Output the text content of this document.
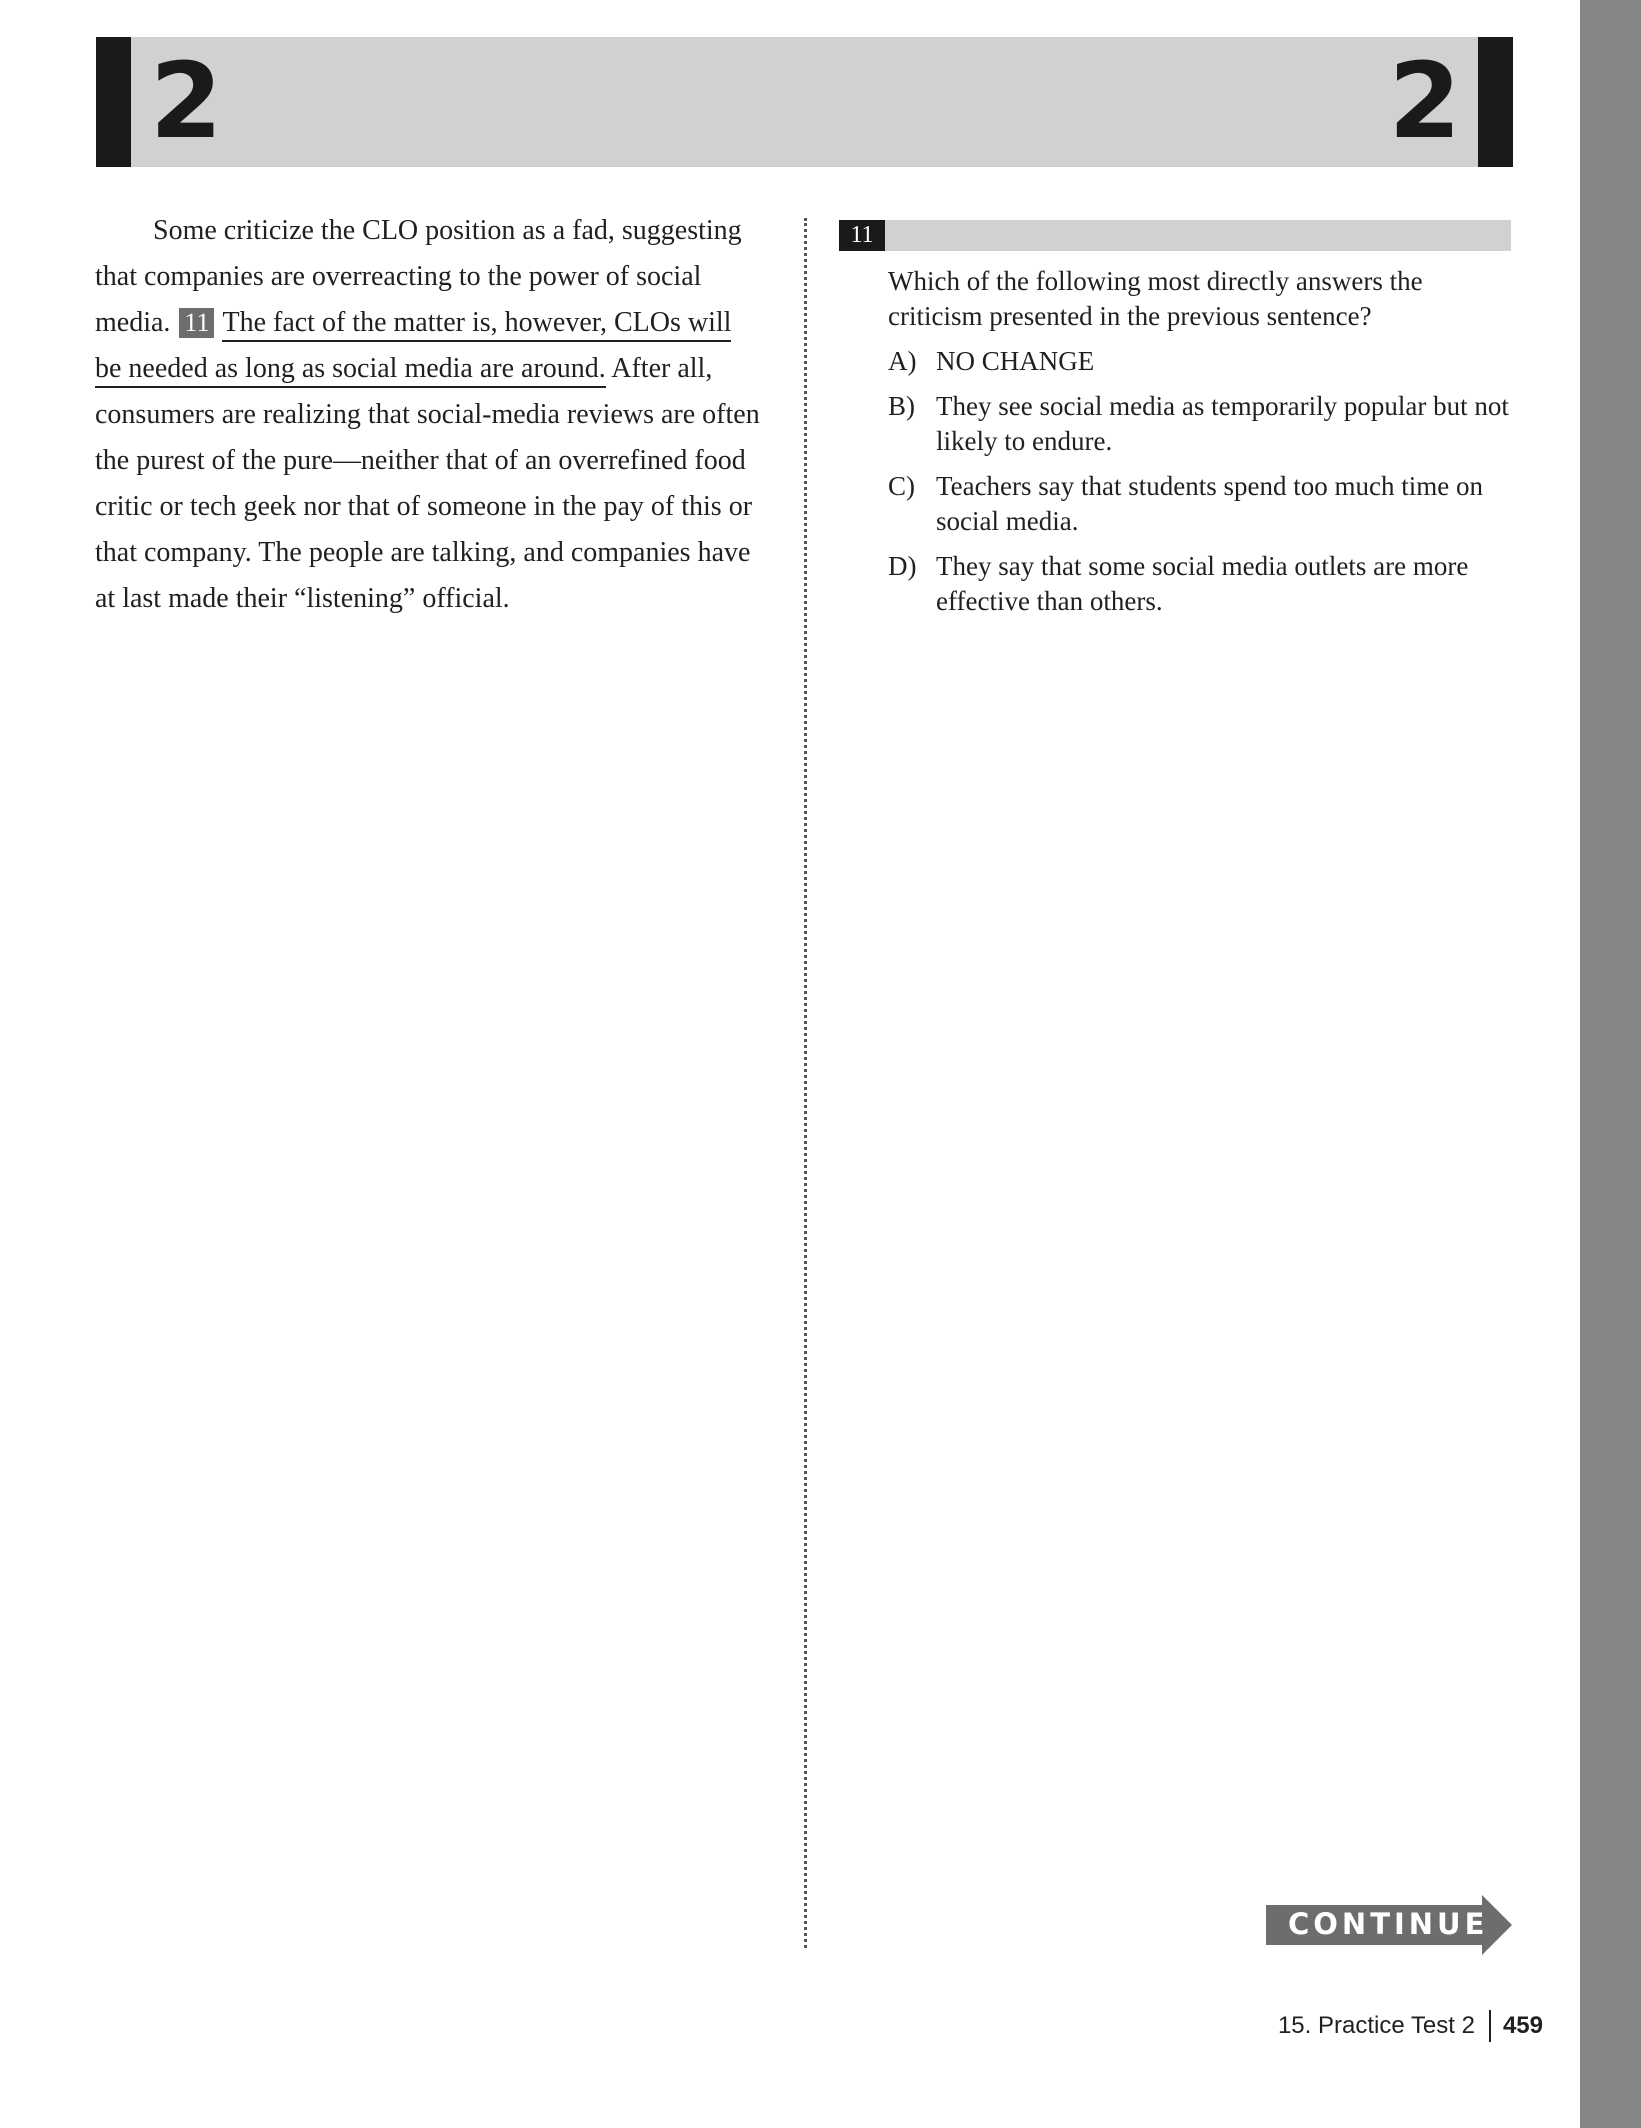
2	2
Some criticize the CLO position as a fad, suggesting
that companies are overreacting to the power of social
media. 11 The fact of the matter is, however, CLOs will
be needed as long as social media are around. After all,
consumers are realizing that social-media reviews are often
the purest of the pure—neither that of an overrefined food
critic or tech geek nor that of someone in the pay of this or
that company. The people are talking, and companies have
at last made their “listening” official.
11
Which of the following most directly answers the criticism presented in the previous sentence?
A) NO CHANGE
B) They see social media as temporarily popular but not likely to endure.
C) Teachers say that students spend too much time on social media.
D) They say that some social media outlets are more effective than others.
CONTINUE
15. Practice Test 2 459
